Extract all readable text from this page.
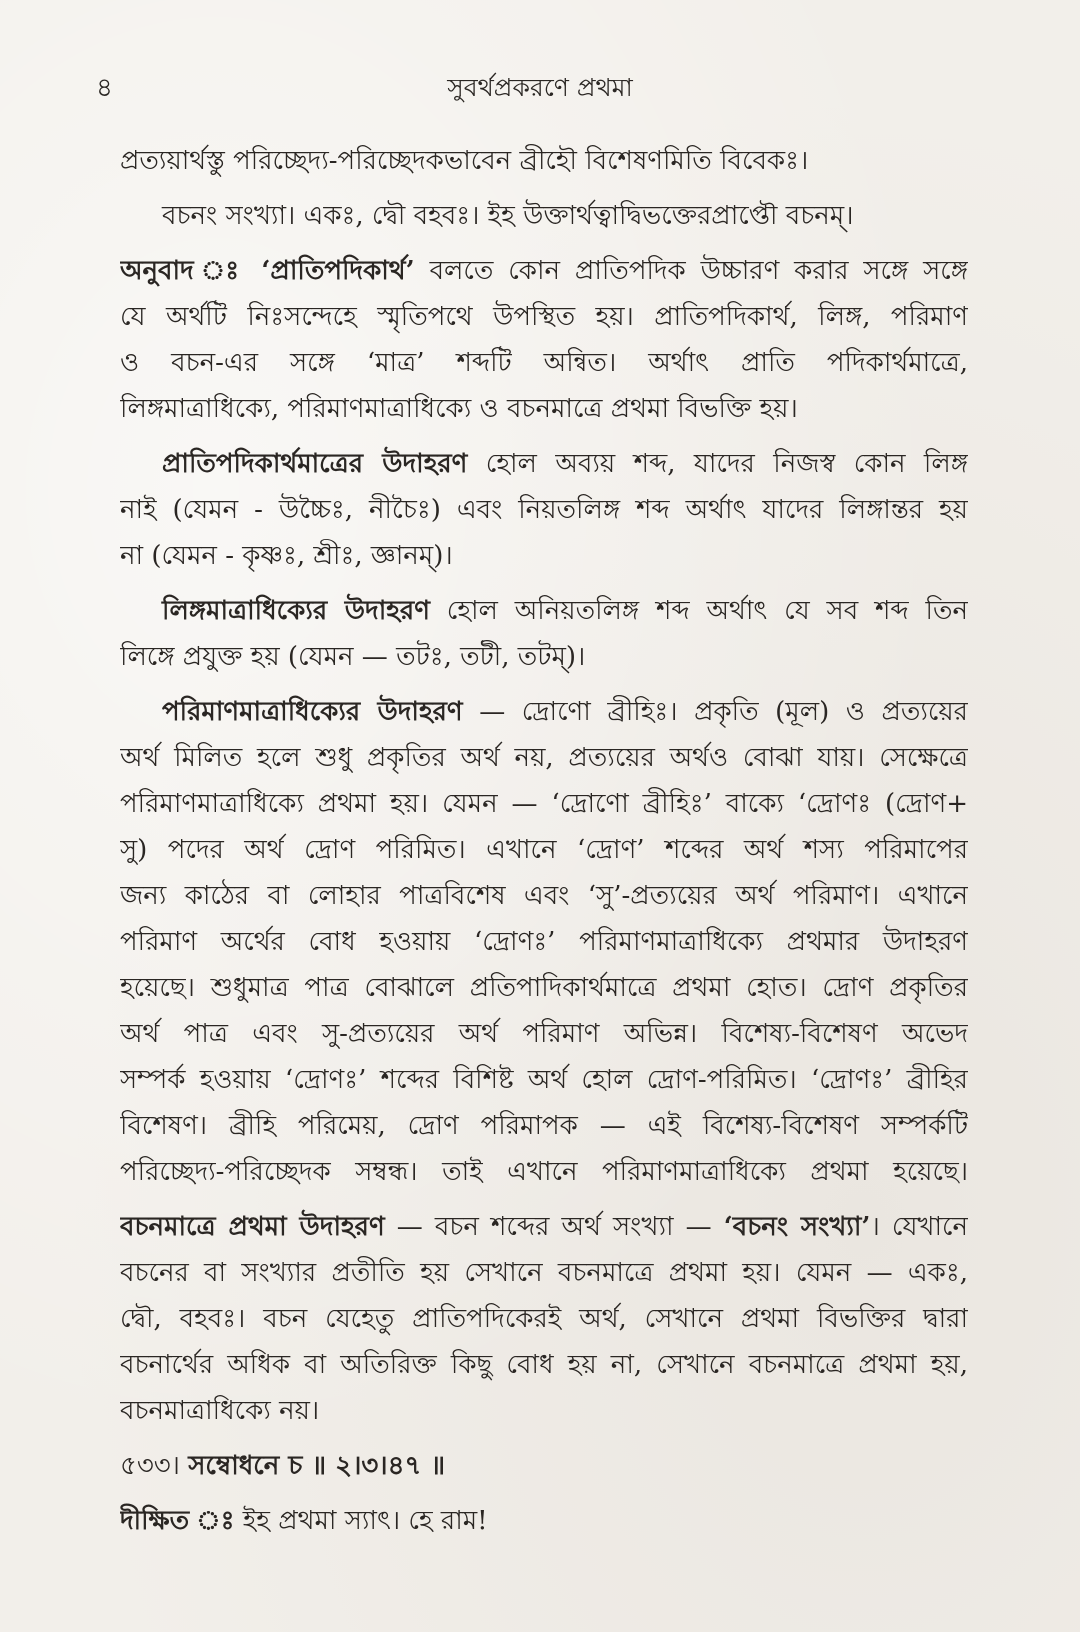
৪	সুবর্থপ্রকরণে প্রথমা
প্রত্যয়ার্থস্তু পরিচ্ছেদ্য-পরিচ্ছেদকভাবেন ব্রীহৌ বিশেষণমিতি বিবেকঃ।
বচনং সংখ্যা। একঃ, দ্বৌ বহবঃ। ইহ উক্তার্থত্বাদ্বিভক্তেরপ্রাপ্তৌ বচনম্।
অনুবাদ ঃ ‘প্রাতিপদিকার্থ’ বলতে কোন প্রাতিপদিক উচ্চারণ করার সঙ্গে সঙ্গে
যে অর্থটি নিঃসন্দেহে স্মৃতিপথে উপস্থিত হয়। প্রাতিপদিকার্থ, লিঙ্গ, পরিমাণ
ও বচন-এর সঙ্গে ‘মাত্র’ শব্দটি অন্বিত। অর্থাৎ প্রাতি পদিকার্থমাত্রে,
লিঙ্গমাত্রাধিক্যে, পরিমাণমাত্রাধিক্যে ও বচনমাত্রে প্রথমা বিভক্তি হয়।
প্রাতিপদিকার্থমাত্রের উদাহরণ হোল অব্যয় শব্দ, যাদের নিজস্ব কোন লিঙ্গ
নাই (যেমন - উচ্চৈঃ, নীচৈঃ) এবং নিয়তলিঙ্গ শব্দ অর্থাৎ যাদের লিঙ্গান্তর হয়
না (যেমন - কৃষ্ণঃ, শ্রীঃ, জ্ঞানম্)।
লিঙ্গমাত্রাধিক্যের উদাহরণ হোল অনিয়তলিঙ্গ শব্দ অর্থাৎ যে সব শব্দ তিন
লিঙ্গে প্রযুক্ত হয় (যেমন — তটঃ, তটী, তটম্)।
পরিমাণমাত্রাধিক্যের উদাহরণ — দ্রোণো ব্রীহিঃ। প্রকৃতি (মূল) ও প্রত্যয়ের
অর্থ মিলিত হলে শুধু প্রকৃতির অর্থ নয়, প্রত্যয়ের অর্থও বোঝা যায়। সেক্ষেত্রে
পরিমাণমাত্রাধিক্যে প্রথমা হয়। যেমন — ‘দ্রোণো ব্রীহিঃ’ বাক্যে ‘দ্রোণঃ (দ্রোণ+
সু) পদের অর্থ দ্রোণ পরিমিত। এখানে ‘দ্রোণ’ শব্দের অর্থ শস্য পরিমাপের
জন্য কাঠের বা লোহার পাত্রবিশেষ এবং ‘সু’-প্রত্যয়ের অর্থ পরিমাণ। এখানে
পরিমাণ অর্থের বোধ হওয়ায় ‘দ্রোণঃ’ পরিমাণমাত্রাধিক্যে প্রথমার উদাহরণ
হয়েছে। শুধুমাত্র পাত্র বোঝালে প্রতিপাদিকার্থমাত্রে প্রথমা হোত। দ্রোণ প্রকৃতির
অর্থ পাত্র এবং সু-প্রত্যয়ের অর্থ পরিমাণ অভিন্ন। বিশেষ্য-বিশেষণ অভেদ
সম্পর্ক হওয়ায় ‘দ্রোণঃ’ শব্দের বিশিষ্ট অর্থ হোল দ্রোণ-পরিমিত। ‘দ্রোণঃ’ ব্রীহির
বিশেষণ। ব্রীহি পরিমেয়, দ্রোণ পরিমাপক — এই বিশেষ্য-বিশেষণ সম্পর্কটি
পরিচ্ছেদ্য-পরিচ্ছেদক সম্বন্ধ। তাই এখানে পরিমাণমাত্রাধিক্যে প্রথমা হয়েছে।
বচনমাত্রে প্রথমা উদাহরণ — বচন শব্দের অর্থ সংখ্যা — ‘বচনং সংখ্যা’। যেখানে
বচনের বা সংখ্যার প্রতীতি হয় সেখানে বচনমাত্রে প্রথমা হয়। যেমন — একঃ,
দ্বৌ, বহবঃ। বচন যেহেতু প্রাতিপদিকেরই অর্থ, সেখানে প্রথমা বিভক্তির দ্বারা
বচনার্থের অধিক বা অতিরিক্ত কিছু বোধ হয় না, সেখানে বচনমাত্রে প্রথমা হয়,
বচনমাত্রাধিক্যে নয়।
৫৩৩। সম্বোধনে চ ॥ ২।৩।৪৭ ॥
দীক্ষিত ঃ ইহ প্রথমা স্যাৎ। হে রাম!
